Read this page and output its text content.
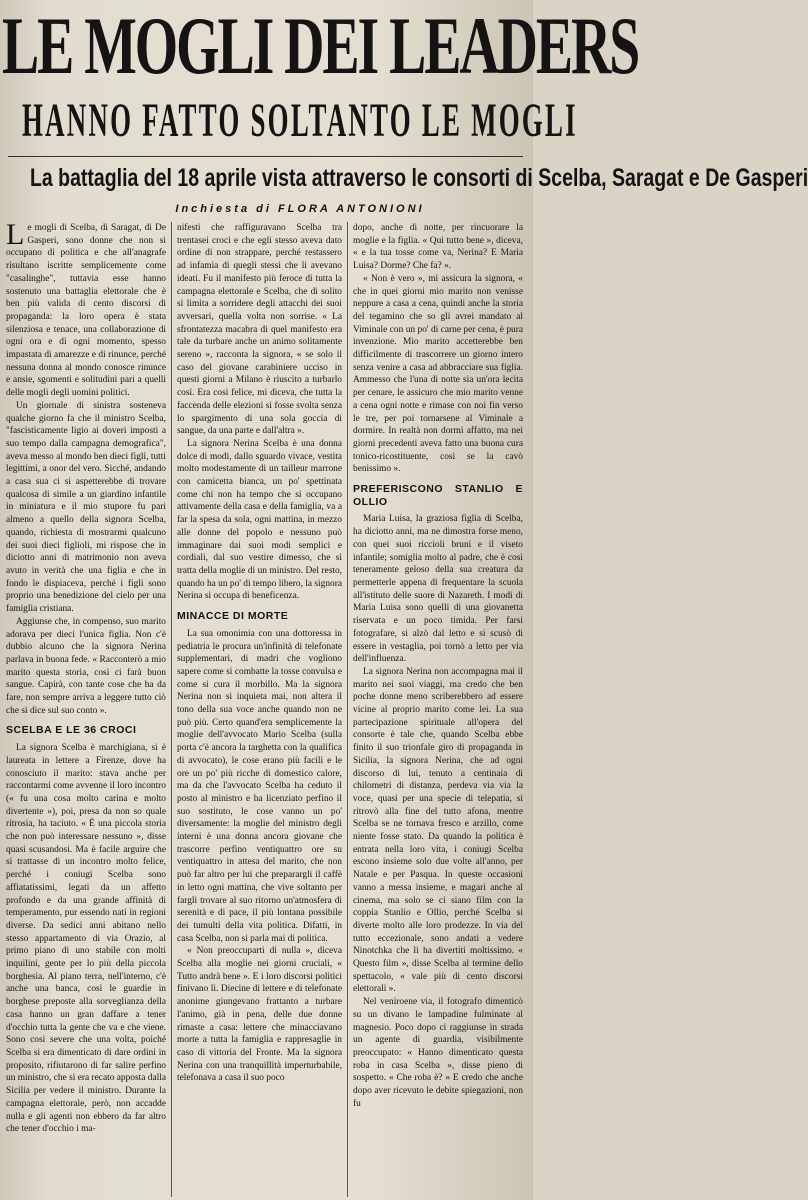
LE MOGLI DEI LEADERS
HANNO FATTO SOLTANTO LE MOGLI
La battaglia del 18 aprile vista attraverso le consorti di Scelba, Saragat e De Gasperi
Inchiesta di FLORA ANTONIONI

Le mogli di Scelba, di Saragat, di De Gasperi, sono donne che non si occupano di politica e che all'anagrafe risultano iscritte semplicemente come "casalinghe", tuttavia esse hanno sostenuto una battaglia elettorale che è ben più valida di cento discorsi di propaganda: la loro opera è stata silenziosa e tenace, una collaborazione di ogni ora e di ogni momento, spesso impastata di amarezze e di rinunce, perché nessuna donna al mondo conosce rinunce e ansie, sgomenti e solitudini pari a quelli delle mogli degli uomini politici.

Un giornale di sinistra sosteneva qualche giorno fa che il ministro Scelba, "fascisticamente ligio ai doveri imposti a suo tempo dalla campagna demografica", aveva messo al mondo ben dieci figli, tutti legittimi, a onor del vero. Sicché, andando a casa sua ci si aspetterebbe di trovare qualcosa di simile a un giardino infantile in miniatura e il mio stupore fu pari almeno a quello della signora Scelba, quando, richiesta di mostrarmi qualcuno dei suoi dieci figlioli, mi rispose che in diciotto anni di matrimonio non aveva avuto in verità che una figlia e che in fondo le dispiaceva, perché i figli sono proprio una benedizione del cielo per una famiglia cristiana.

Aggiunse che, in compenso, suo marito adorava per dieci l'unica figlia. Non c'è dubbio alcuno che la signora Nerina parlava in buona fede. « Racconterò a mio marito questa storia, così ci farà buon sangue. Capirà, con tante cose che ha da fare, non sempre arriva a leggere tutto ciò che si dice sul suo conto ».

SCELBA E LE 36 CROCI

La signora Scelba è marchigiana, si è laureata in lettere a Firenze, dove ha conosciuto il marito: stava anche per raccontarmi come avvenne il loro incontro (« fu una cosa molto carina e molto divertente »), poi, presa da non so quale ritrosia, ha taciuto. « È una piccola storia che non può interessare nessuno », disse quasi scusandosi. Ma è facile arguire che si trattasse di un incontro molto felice, perché i coniugi Scelba sono affiatatissimi, legati da un affetto profondo e da una grande affinità di temperamento, pur essendo nati in regioni diverse. Da sedici anni abitano nello stesso appartamento di via Orazio, al primo piano di uno stabile con molti inquilini, gente per lo più della piccola borghesia. Al piano terra, nell'interno, c'è anche una banca, così le guardie in borghese preposte alla sorveglianza della casa hanno un gran daffare a tener d'occhio tutta la gente che va e che viene. Sono così severe che una volta, poiché Scelba si era dimenticato di dare ordini in proposito, rifiutarono di far salire perfino un ministro, che si era recato apposta dalla Sicilia per vedere il ministro. Durante la campagna elettorale, però, non accadde nulla e gli agenti non ebbero da far altro che tener d'occhio i ma-

nifesti che raffiguravano Scelba tra trentasei croci e che egli stesso aveva dato ordine di non strappare, perché restassero ad infamia di quegli stessi che li avevano ideati. Fu il manifesto più feroce di tutta la campagna elettorale e Scelba, che di solito si limita a sorridere degli attacchi dei suoi avversari, quella volta non sorrise. « La sfrontatezza macabra di quel manifesto era tale da turbare anche un animo solitamente sereno », racconta la signora, « se solo il caso del giovane carabiniere ucciso in questi giorni a Milano è riuscito a turbarlo così. Era così felice, mi diceva, che tutta la faccenda delle elezioni si fosse svolta senza lo spargimento di una sola goccia di sangue, da una parte e dall'altra ».

La signora Nerina Scelba è una donna dolce di modi, dallo sguardo vivace, vestita molto modestamente di un tailleur marrone con camicetta bianca, un po' spettinata come chi non ha tempo che si occupano attivamente della casa e della famiglia, va a far la spesa da sola, ogni mattina, in mezzo alle donne del popolo e nessuno può immaginare dai suoi modi semplici e cordiali, dal suo vestire dimesso, che si tratta della moglie di un ministro. Del resto, quando ha un po' di tempo libero, la signora Nerina si occupa di beneficenza.

MINACCE DI MORTE

La sua omonimia con una dottoressa in pediatria le procura un'infinità di telefonate supplementari, di madri che vogliono sapere come si combatte la tosse convulsa e come si cura il morbillo. Ma la signora Nerina non si inquieta mai, non altera il tono della sua voce anche quando non ne può più. Certo quand'era semplicemente la moglie dell'avvocato Mario Scelba (sulla porta c'è ancora la targhetta con la qualifica di avvocato), le cose erano più facili e le ore un po' più ricche di domestico calore, ma da che l'avvocato Scelba ha ceduto il posto al ministro e ha licenziato perfino il suo sostituto, le cose vanno un po' diversamente: la moglie del ministro degli interni è una donna ancora giovane che trascorre perfino ventiquattro ore su ventiquattro in attesa del marito, che non può far altro per lui che preparargli il caffè in letto ogni mattina, che vive soltanto per fargli trovare al suo ritorno un'atmosfera di serenità e di pace, il più lontana possibile dei tumulti della vita politica. Difatti, in casa Scelba, non si parla mai di politica.

« Non preoccuparti di nulla », diceva Scelba alla moglie nei giorni cruciali, « Tutto andrà bene ». E i loro discorsi politici finivano lì. Diecine di lettere e di telefonate anonime giungevano frattanto a turbare l'animo, già in pena, delle due donne rimaste a casa: lettere che minacciavano morte a tutta la famiglia e rappresaglie in caso di vittoria del Fronte. Ma la signora Nerina con una tranquillità imperturbabile, telefonava a casa il suo poco

dopo, anche di notte, per rincuorare la moglie e la figlia. « Qui tutto bene », diceva, « e la tua tosse come va, Nerina? E Maria Luisa? Dorme? Che fa? ».

« Non è vero », mi assicura la signora, « che in quei giorni mio marito non venisse neppure a casa a cena, quindi anche la storia del tegamino che so gli avrei mandato al Viminale con un po' di carne per cena, è pura invenzione. Mio marito accetterebbe ben difficilmente di trascorrere un giorno intero senza venire a casa ad abbracciare sua figlia. Ammesso che l'una di notte sia un'ora lecita per cenare, le assicuro che mio marito venne a cena ogni notte e rimase con noi fin verso le tre, per poi tornarsene al Viminale a dormire. In realtà non dormì affatto, ma nei giorni precedenti aveva fatto una buona cura tonico-ricostituente, così se la cavò benissimo ».

PREFERISCONO STANLIO E OLLIO

Maria Luisa, la graziosa figlia di Scelba, ha diciotto anni, ma ne dimostra forse meno, con quei suoi riccioli bruni e il viseto infantile; somiglia molto al padre, che è così teneramente geloso della sua creatura da permetterle appena di frequentare la scuola all'istituto delle suore di Nazareth. I modi di Maria Luisa sono quelli di una giovanetta riservata e un poco timida. Per farsi fotografare, si alzò dal letto e si scusò di essere in vestaglia, poi tornò a letto per via dell'influenza.

La signora Nerina non accompagna mai il marito nei suoi viaggi, ma credo che ben poche donne meno scriberebbero ad essere vicine al proprio marito come lei. La sua partecipazione spirituale all'opera del consorte è tale che, quando Scelba ebbe finito il suo trionfale giro di propaganda in Sicilia, la signora Nerina, che ad ogni discorso di lui, tenuto a centinaia di chilometri di distanza, perdeva via via la voce, quasi per una specie di telepatia, si ritrovò alla fine del tutto afona, mentre Scelba se ne tornava fresco e arzillo, come niente fosse stato. Da quando la politica è entrata nella loro vita, i coniugi Scelba escono insieme solo due volte all'anno, per Natale e per Pasqua. In queste occasioni vanno a messa insieme, e magari anche al cinema, ma solo se ci siano film con la coppia Stanlio e Ollio, perché Scelba si diverte molto alle loro prodezze. In via del tutto eccezionale, sono andati a vedere Ninotchka che li ha divertiti moltissimo. « Questo film », disse Scelba al termine dello spettacolo, « vale più di cento discorsi elettorali ».

Nel veniroene via, il fotografo dimenticò su un divano le lampadine fulminate al magnesio. Poco dopo ci raggiunse in strada un agente di guardia, visibilmente preoccupato: « Hanno dimenticato questa roba in casa Scelba », disse pieno di sospetto. « Che roba è? » E credo che anche dopo aver ricevuto le debite spiegazioni, non fu
